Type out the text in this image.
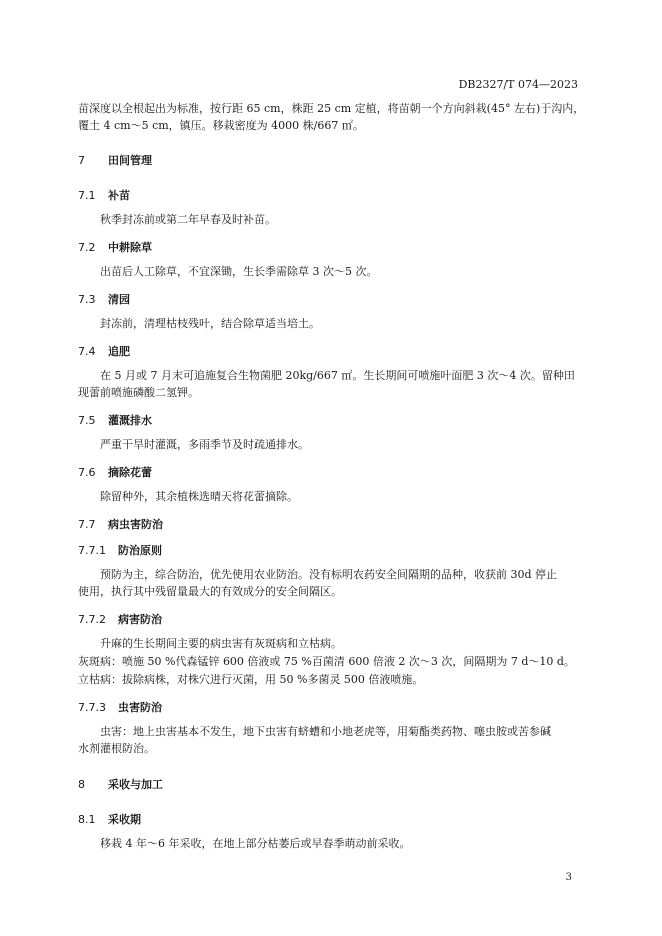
DB2327/T 074—2023
苗深度以全根起出为标准，按行距 65 cm，株距 25 cm 定植，将苗朝一个方向斜栽(45° 左右)于沟内，
覆土 4 cm～5 cm，镇压。移栽密度为 4000 株/667 ㎡。
7 田间管理
7.1 补苗
秋季封冻前或第二年早春及时补苗。
7.2 中耕除草
出苗后人工除草，不宜深锄，生长季需除草 3 次～5 次。
7.3 清园
封冻前，清理枯枝残叶，结合除草适当培土。
7.4 追肥
在 5 月或 7 月末可追施复合生物菌肥 20kg/667 ㎡。生长期间可喷施叶面肥 3 次～4 次。留种田
现蕾前喷施磷酸二氢钾。
7.5 灌溉排水
严重干旱时灌溉，多雨季节及时疏通排水。
7.6 摘除花蕾
除留种外，其余植株选晴天将花蕾摘除。
7.7 病虫害防治
7.7.1 防治原则
预防为主，综合防治，优先使用农业防治。没有标明农药安全间隔期的品种，收获前 30d 停止
使用，执行其中残留量最大的有效成分的安全间隔区。
7.7.2 病害防治
升麻的生长期间主要的病虫害有灰斑病和立枯病。
灰斑病：喷施 50 %代森锰锌 600 倍液或 75 %百菌清 600 倍液 2 次～3 次，间隔期为 7 d～10 d。
立枯病：拔除病株，对株穴进行灭菌，用 50 %多菌灵 500 倍液喷施。
7.7.3 虫害防治
虫害：地上虫害基本不发生，地下虫害有蛴螬和小地老虎等，用菊酯类药物、噻虫胺或苦参碱
水剂灌根防治。
8 采收与加工
8.1 采收期
移栽 4 年～6 年采收，在地上部分枯萎后或早春季萌动前采收。
3
